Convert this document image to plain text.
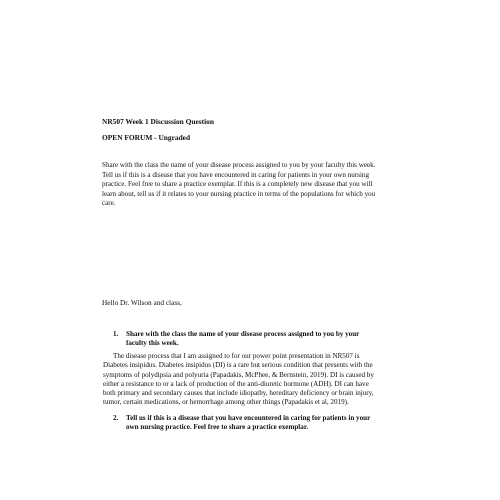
NR507 Week 1 Discussion Question
OPEN FORUM - Ungraded
Share with the class the name of your disease process assigned to you by your faculty this week.
Tell us if this is a disease that you have encountered in caring for patients in your own nursing
practice. Feel free to share a practice exemplar. If this is a completely new disease that you will
learn about, tell us if it relates to your nursing practice in terms of the populations for which you
care.
Hello Dr. Wilson and class,
1. Share with the class the name of your disease process assigned to you by your
faculty this week.
The disease process that I am assigned to for our power point presentation in NR507 is
Diabetes insipidus. Diabetes insipidus (DI) is a rare but serious condition that presents with the
symptoms of polydipsia and polyuria (Papadakis, McPhee, & Bernstein, 2019). DI is caused by
either a resistance to or a lack of production of the anti-diuretic hormone (ADH). DI can have
both primary and secondary causes that include idiopathy, hereditary deficiency or brain injury,
tumor, certain medications, or hemorrhage among other things (Papadakis et al, 2019).
2. Tell us if this is a disease that you have encountered in caring for patients in your
own nursing practice. Feel free to share a practice exemplar.
